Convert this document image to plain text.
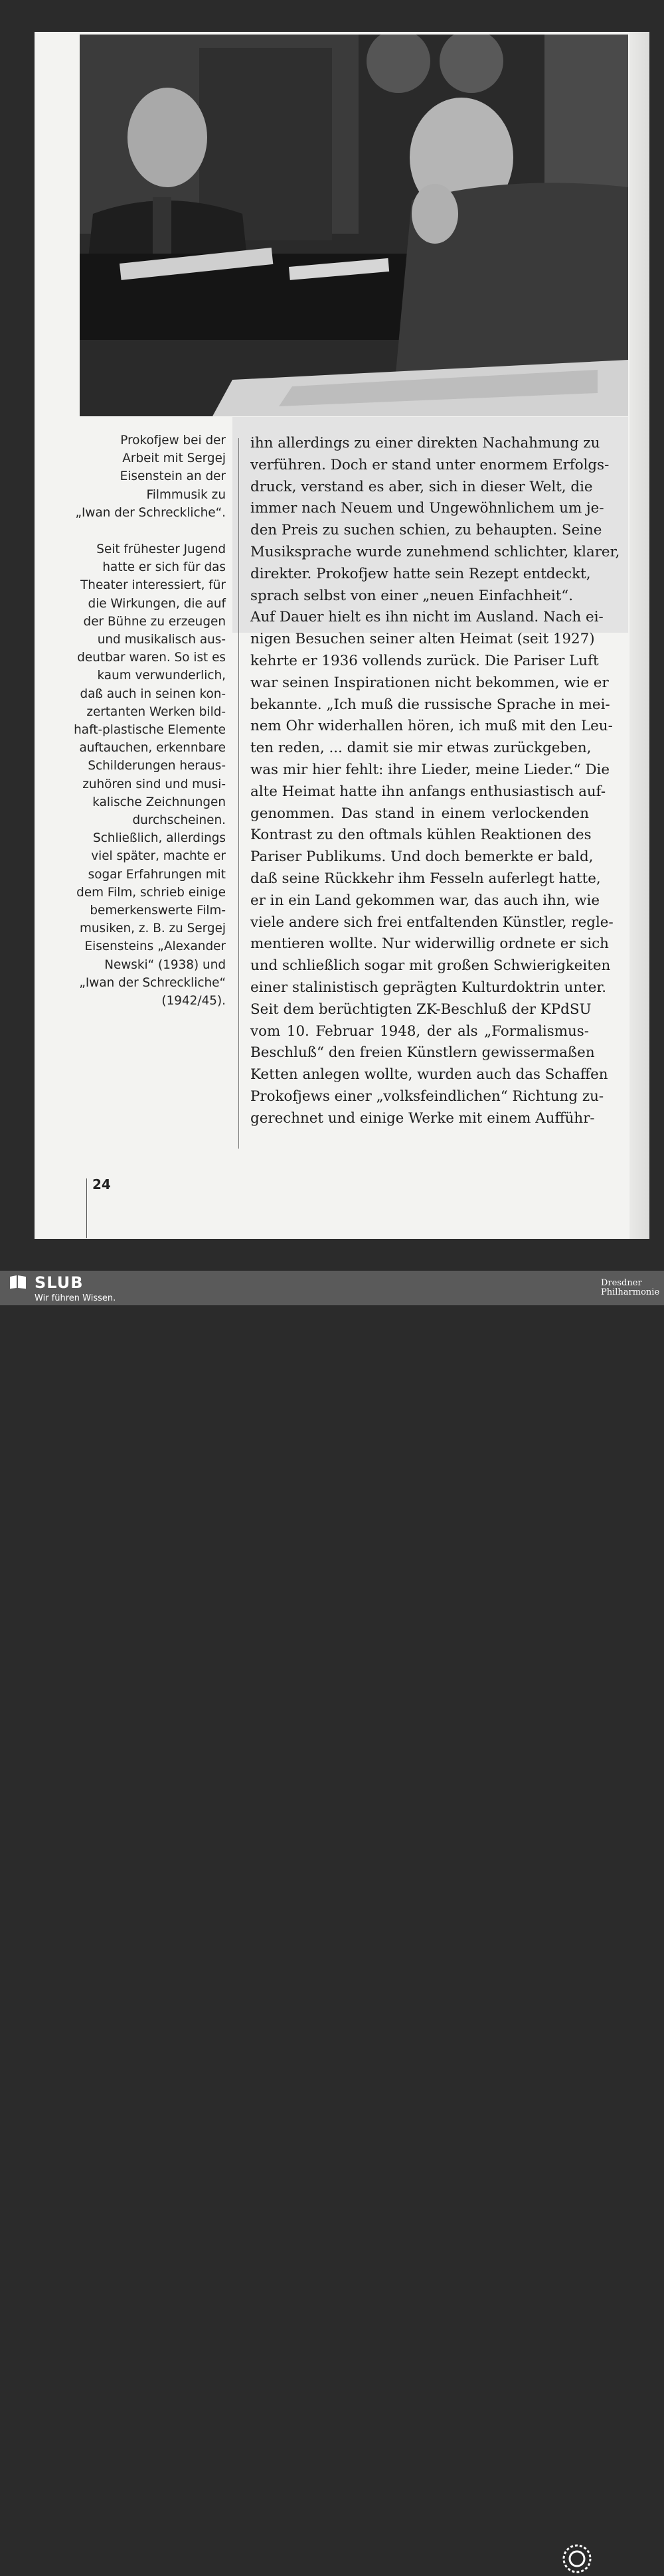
Prokofjew bei der
Arbeit mit Sergej
Eisenstein an der
Filmmusik zu
„Iwan der Schreckliche“.
Seit frühester Jugend
hatte er sich für das
Theater interessiert, für
die Wirkungen, die auf
der Bühne zu erzeugen
und musikalisch aus-
deutbar waren. So ist es
kaum verwunderlich,
daß auch in seinen kon-
zertanten Werken bild-
haft-plastische Elemente
auftauchen, erkennbare
Schilderungen heraus-
zuhören sind und musi-
kalische Zeichnungen
durchscheinen.
Schließlich, allerdings
viel später, machte er
sogar Erfahrungen mit
dem Film, schrieb einige
bemerkenswerte Film-
musiken, z. B. zu Sergej
Eisensteins „Alexander
Newski“ (1938) und
„Iwan der Schreckliche“
(1942/45).
ihn allerdings zu einer direkten Nachahmung zu
verführen. Doch er stand unter enormem Erfolgs-
druck, verstand es aber, sich in dieser Welt, die
immer nach Neuem und Ungewöhnlichem um je-
den Preis zu suchen schien, zu behaupten. Seine
Musiksprache wurde zunehmend schlichter, klarer,
direkter. Prokofjew hatte sein Rezept entdeckt,
sprach selbst von einer „neuen Einfachheit“.
Auf Dauer hielt es ihn nicht im Ausland. Nach ei-
nigen Besuchen seiner alten Heimat (seit 1927)
kehrte er 1936 vollends zurück. Die Pariser Luft
war seinen Inspirationen nicht bekommen, wie er
bekannte. „Ich muß die russische Sprache in mei-
nem Ohr widerhallen hören, ich muß mit den Leu-
ten reden, ... damit sie mir etwas zurückgeben,
was mir hier fehlt: ihre Lieder, meine Lieder.“ Die
alte Heimat hatte ihn anfangs enthusiastisch auf-
genommen. Das stand in einem verlockenden
Kontrast zu den oftmals kühlen Reaktionen des
Pariser Publikums. Und doch bemerkte er bald,
daß seine Rückkehr ihm Fesseln auferlegt hatte,
er in ein Land gekommen war, das auch ihn, wie
viele andere sich frei entfaltenden Künstler, regle-
mentieren wollte. Nur widerwillig ordnete er sich
und schließlich sogar mit großen Schwierigkeiten
einer stalinistisch geprägten Kulturdoktrin unter.
Seit dem berüchtigten ZK-Beschluß der KPdSU
vom 10. Februar 1948, der als „Formalismus-
Beschluß“ den freien Künstlern gewissermaßen
Ketten anlegen wollte, wurden auch das Schaffen
Prokofjews einer „volksfeindlichen“ Richtung zu-
gerechnet und einige Werke mit einem Aufführ-
24
SLUB
Wir führen Wissen.
Dresdner
Philharmonie
